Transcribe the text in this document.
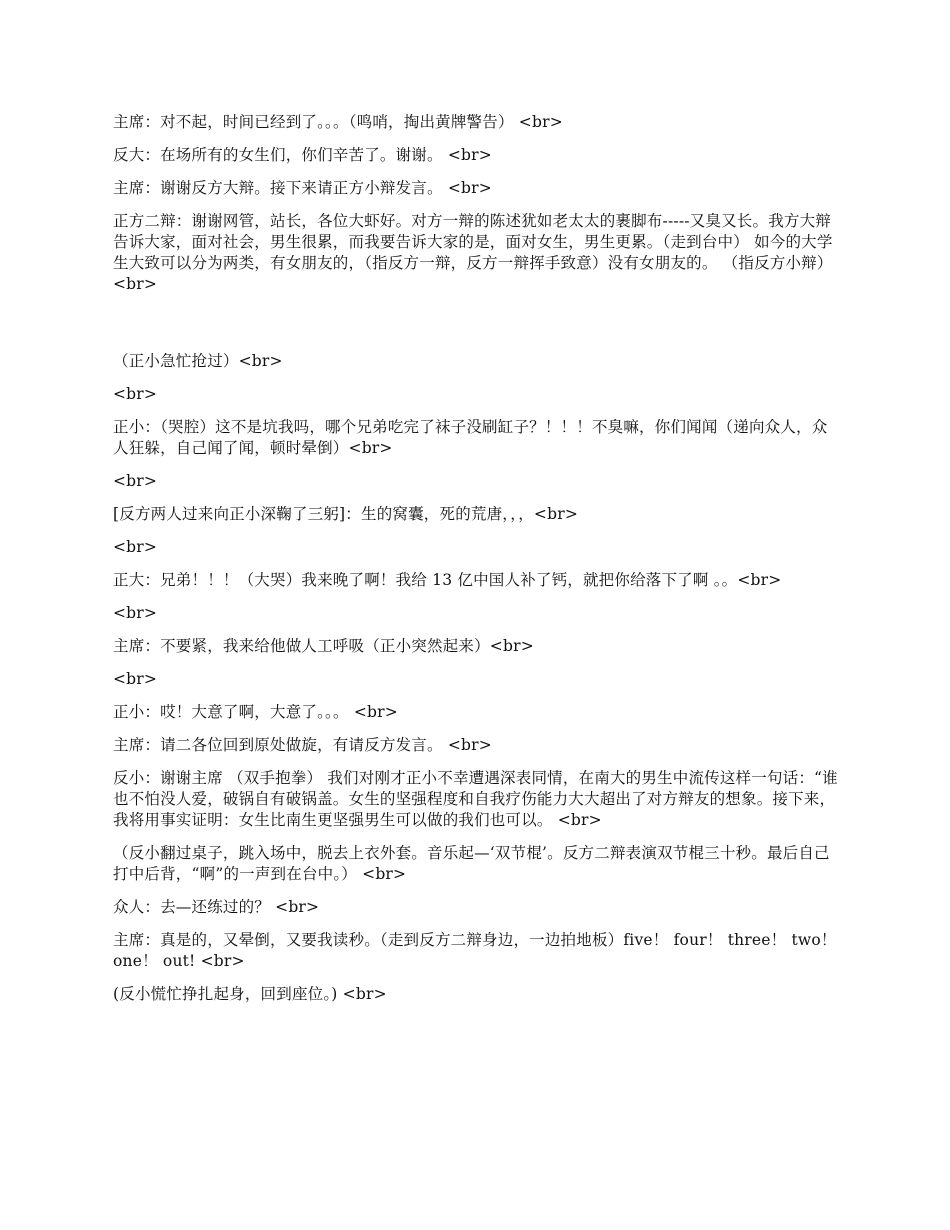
主席：对不起，时间已经到了。。。（鸣哨，掏出黄牌警告） <br>

反大：在场所有的女生们，你们辛苦了。谢谢。 <br>

主席：谢谢反方大辩。接下来请正方小辩发言。 <br>

正方二辩：谢谢网管，站长，各位大虾好。对方一辩的陈述犹如老太太的裹脚布-----又臭又长。我方大辩告诉大家，面对社会，男生很累，而我要告诉大家的是，面对女生，男生更累。（走到台中） 如今的大学生大致可以分为两类，有女朋友的，（指反方一辩，反方一辩挥手致意）没有女朋友的。 （指反方小辩） <br>

（正小急忙抢过）<br>

<br>

正小：（哭腔）这不是坑我吗，哪个兄弟吃完了袜子没刷缸子？！！！不臭嘛，你们闻闻（递向众人，众人狂躲，自己闻了闻，顿时晕倒）<br>

<br>

[反方两人过来向正小深鞠了三躬]：生的窝囊，死的荒唐，，，<br>

<br>

正大：兄弟！！！（大哭）我来晚了啊！我给 13 亿中国人补了钙，就把你给落下了啊 。。<br>

<br>

主席：不要紧，我来给他做人工呼吸（正小突然起来）<br>

<br>

正小：哎！大意了啊，大意了。。。 <br>

主席：请二各位回到原处做旋，有请反方发言。 <br>

反小：谢谢主席 （双手抱拳） 我们对刚才正小不幸遭遇深表同情，在南大的男生中流传这样一句话：“谁也不怕没人爱，破锅自有破锅盖。女生的坚强程度和自我疗伤能力大大超出了对方辩友的想象。接下来，我将用事实证明：女生比南生更坚强男生可以做的我们也可以。 <br>

（反小翻过桌子，跳入场中，脱去上衣外套。音乐起—‘双节棍’。反方二辩表演双节棍三十秒。最后自己打中后背，“啊”的一声到在台中。） <br>

众人：去—还练过的？ <br>

主席：真是的，又晕倒，又要我读秒。（走到反方二辩身边，一边拍地板）five！ four！ three！ two！ one！ out! <br>

(反小慌忙挣扎起身，回到座位。) <br>
